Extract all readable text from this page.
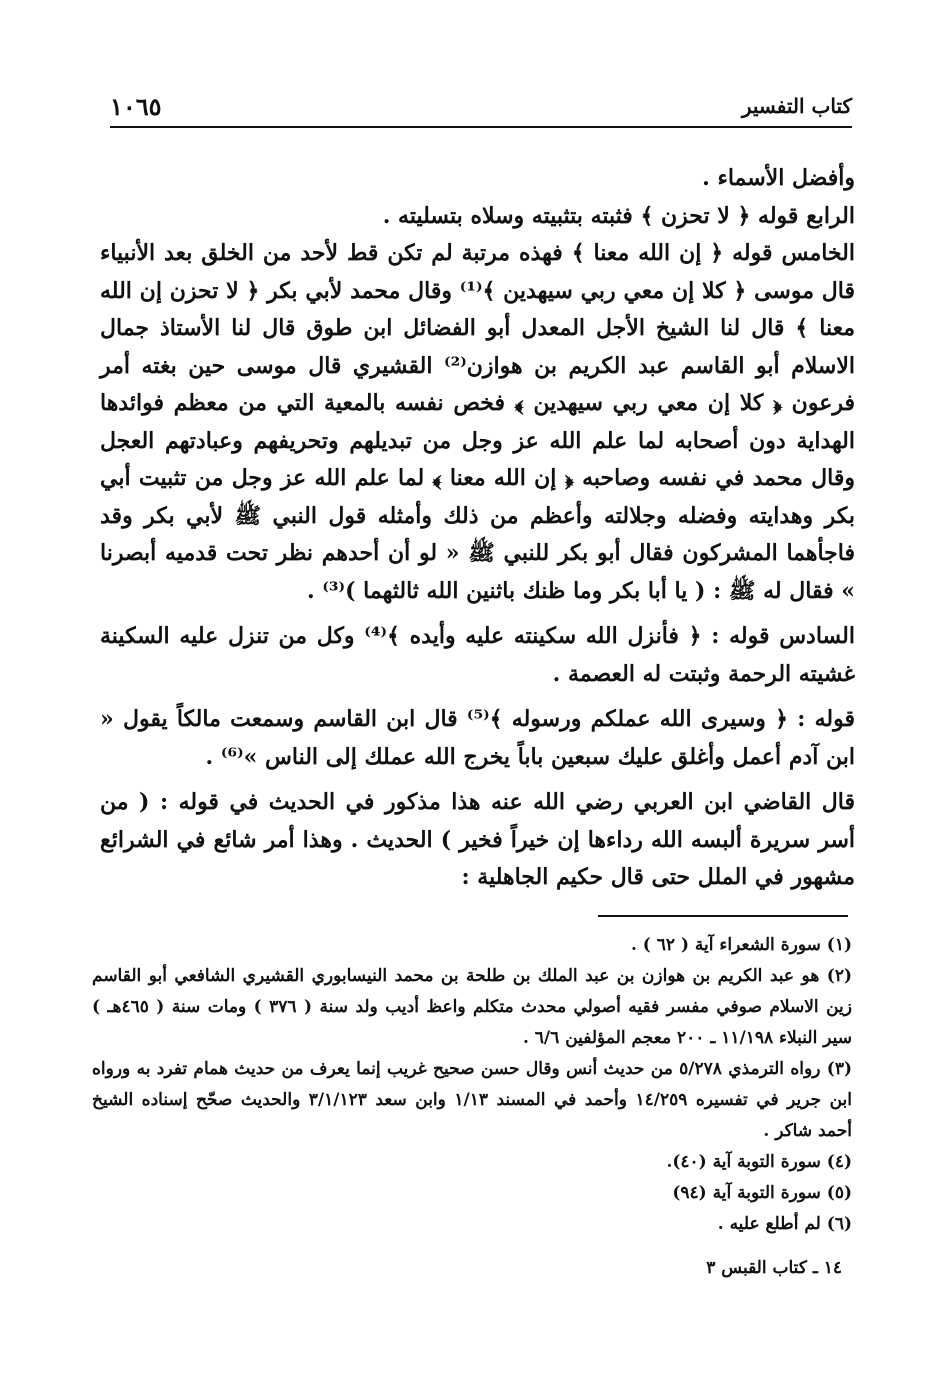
كتاب التفسير
١٠٦٥

وأفضل الأسماء .

الرابع قوله ﴿ لا تحزن ﴾ فثبته بتثبيته وسلاه بتسليته .

الخامس قوله ﴿ إن الله معنا ﴾ فهذه مرتبة لم تكن قط لأحد من الخلق بعد الأنبياء قال موسى ﴿ كلا إن معي ربي سيهدين ﴾⁽¹⁾ وقال محمد لأبي بكر ﴿ لا تحزن إن الله معنا ﴾ قال لنا الشيخ الأجل المعدل أبو الفضائل ابن طوق قال لنا الأستاذ جمال الاسلام أبو القاسم عبد الكريم بن هوازن⁽²⁾ القشيري قال موسى حين بغته أمر فرعون ﴿ كلا إن معي ربي سيهدين ﴾ فخص نفسه بالمعية التي من معظم فوائدها الهداية دون أصحابه لما علم الله عز وجل من تبديلهم وتحريفهم وعبادتهم العجل وقال محمد في نفسه وصاحبه ﴿ إن الله معنا ﴾ لما علم الله عز وجل من تثبيت أبي بكر وهدايته وفضله وجلالته وأعظم من ذلك وأمثله قول النبي ﷺ لأبي بكر وقد فاجأهما المشركون فقال أبو بكر للنبي ﷺ « لو أن أحدهم نظر تحت قدميه أبصرنا » فقال له ﷺ : ( يا أبا بكر وما ظنك باثنين الله ثالثهما )⁽³⁾ .

السادس قوله : ﴿ فأنزل الله سكينته عليه وأيده ﴾⁽⁴⁾ وكل من تنزل عليه السكينة غشيته الرحمة وثبتت له العصمة .

قوله : ﴿ وسيرى الله عملكم ورسوله ﴾⁽⁵⁾ قال ابن القاسم وسمعت مالكاً يقول « ابن آدم أعمل وأغلق عليك سبعين باباً يخرج الله عملك إلى الناس »⁽⁶⁾ .

قال القاضي ابن العربي رضي الله عنه هذا مذكور في الحديث في قوله : ( من أسر سريرة ألبسه الله رداءها إن خيراً فخير ) الحديث . وهذا أمر شائع في الشرائع مشهور في الملل حتى قال حكيم الجاهلية :

(١) سورة الشعراء آية ( ٦٢ ) .

(٢) هو عبد الكريم بن هوازن بن عبد الملك بن طلحة بن محمد النيسابوري القشيري الشافعي أبو القاسم زين الاسلام صوفي مفسر فقيه أصولي محدث متكلم واعظ أديب ولد سنة ( ٣٧٦ ) ومات سنة ( ٤٦٥هـ ) سير النبلاء ١١/١٩٨ ـ ٢٠٠ معجم المؤلفين ٦/٦ .

(٣) رواه الترمذي ٥/٢٧٨ من حديث أنس وقال حسن صحيح غريب إنما يعرف من حديث همام تفرد به ورواه ابن جرير في تفسيره ١٤/٢٥٩ وأحمد في المسند ١/١٣ وابن سعد ٣/١/١٢٣ والحديث صحّح إسناده الشيخ أحمد شاكر .

(٤) سورة التوبة آية (٤٠).

(٥) سورة التوبة آية (٩٤)

(٦) لم أطلع عليه .

١٤ ـ كتاب القبس ٣
